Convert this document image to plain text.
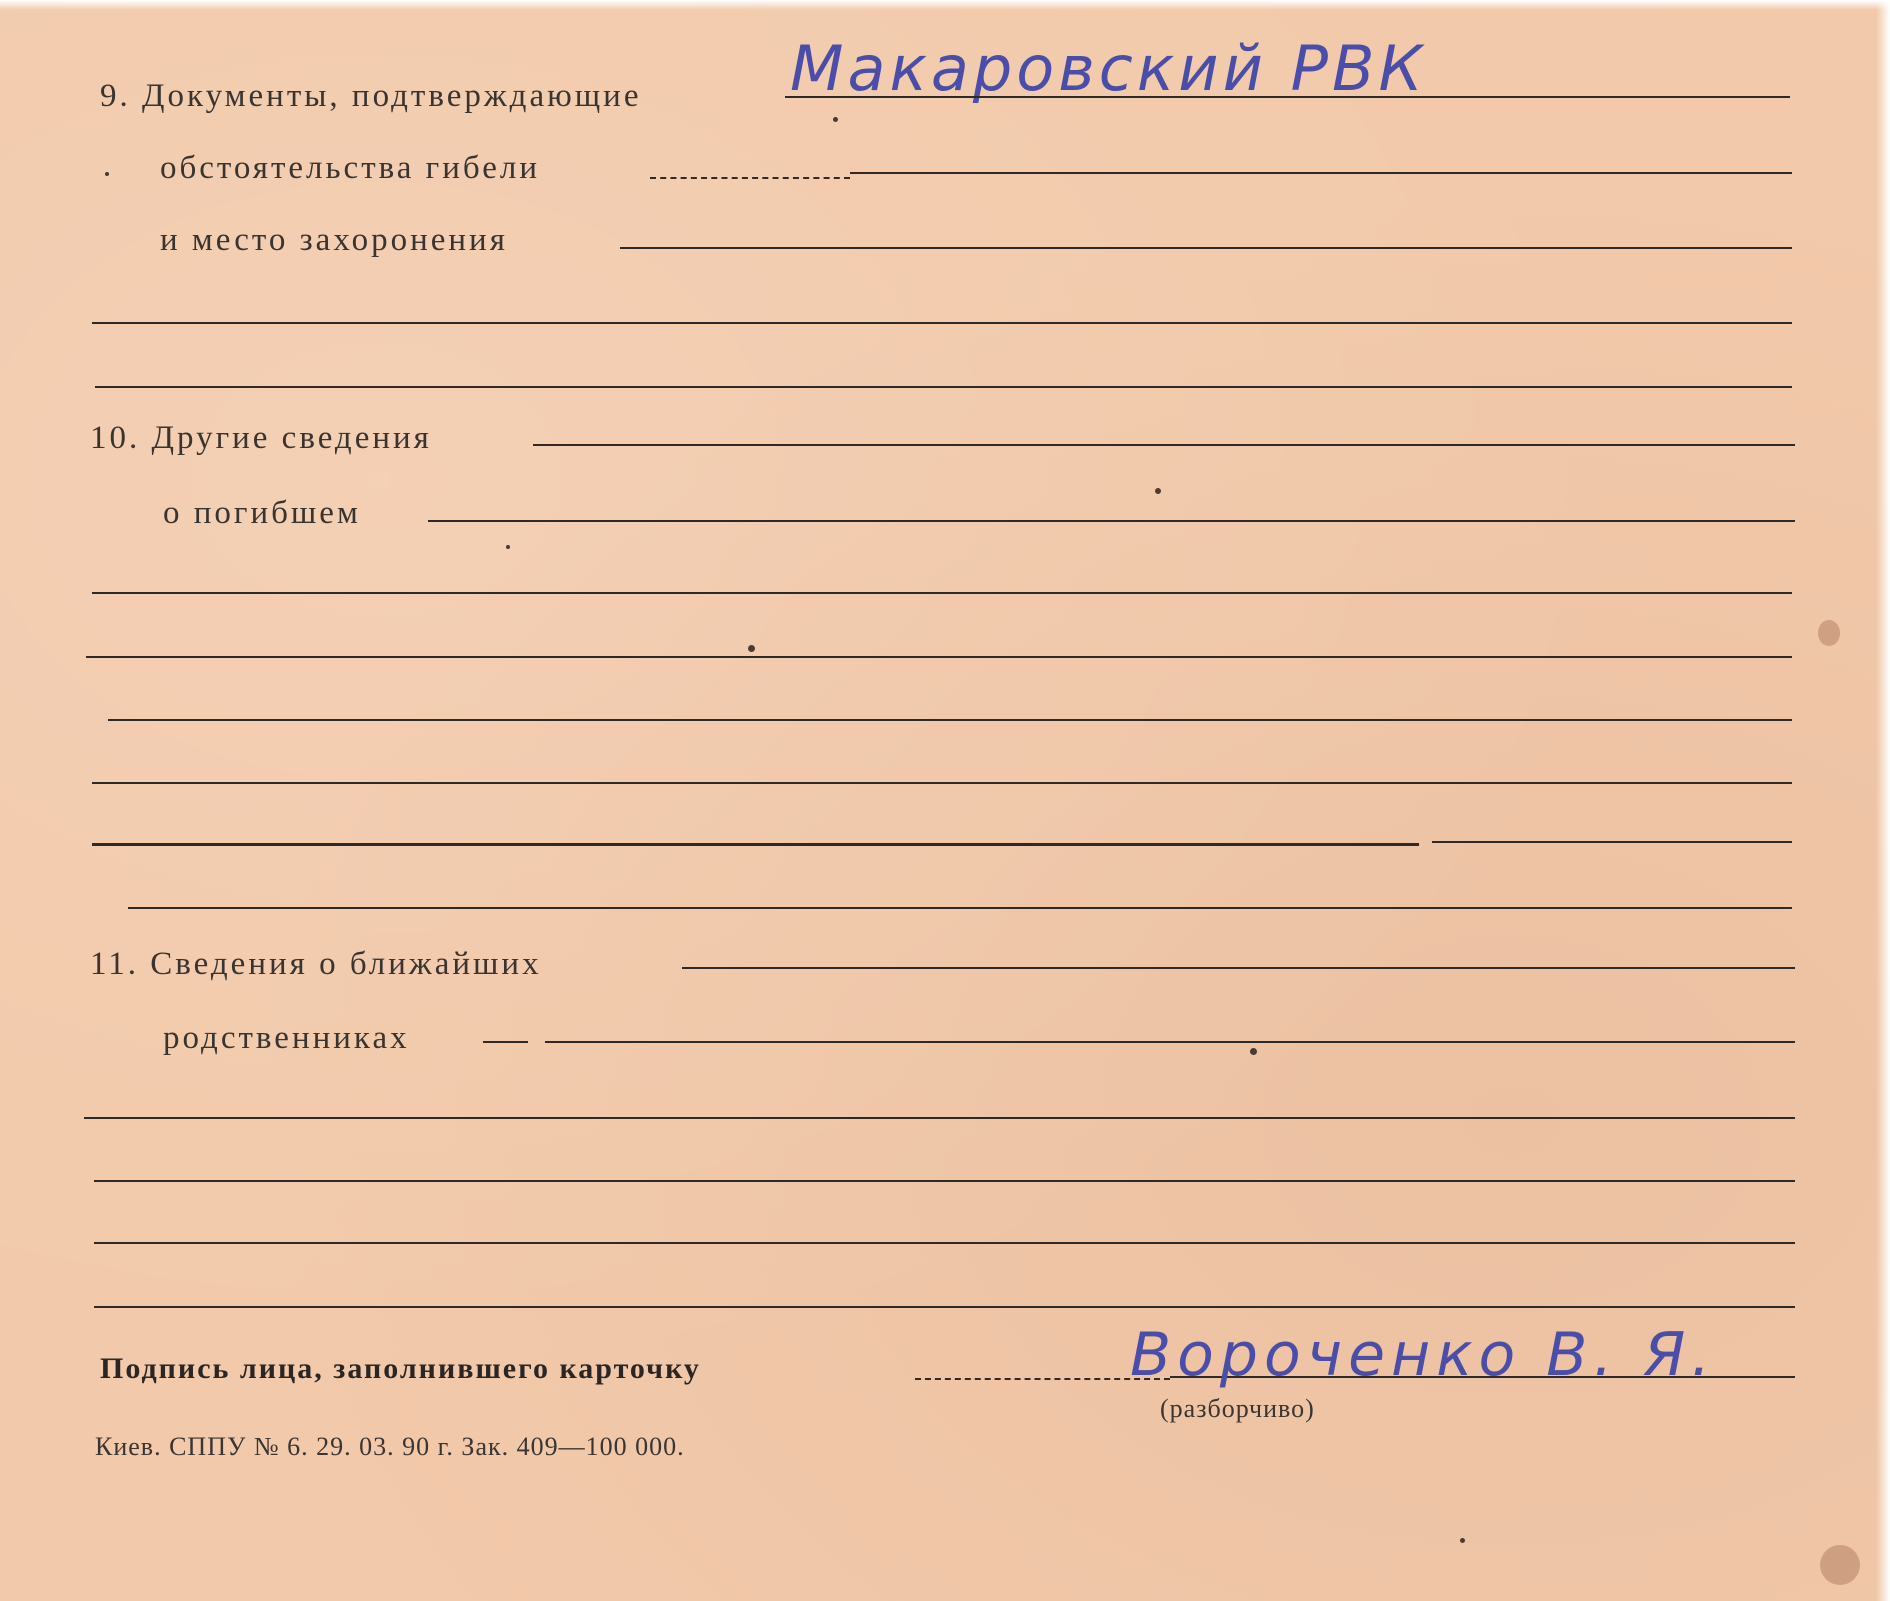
9. Документы, подтверждающие Макаровский РВК
обстоятельства гибели
и место захоронения
10. Другие сведения
о погибшем
11. Сведения о ближайших
родственниках
Подпись лица, заполнившего карточку	Вороченко В. Я.
(разборчиво)
Киев. СППУ № 6. 29. 03. 90 г. Зак. 409—100 000.
